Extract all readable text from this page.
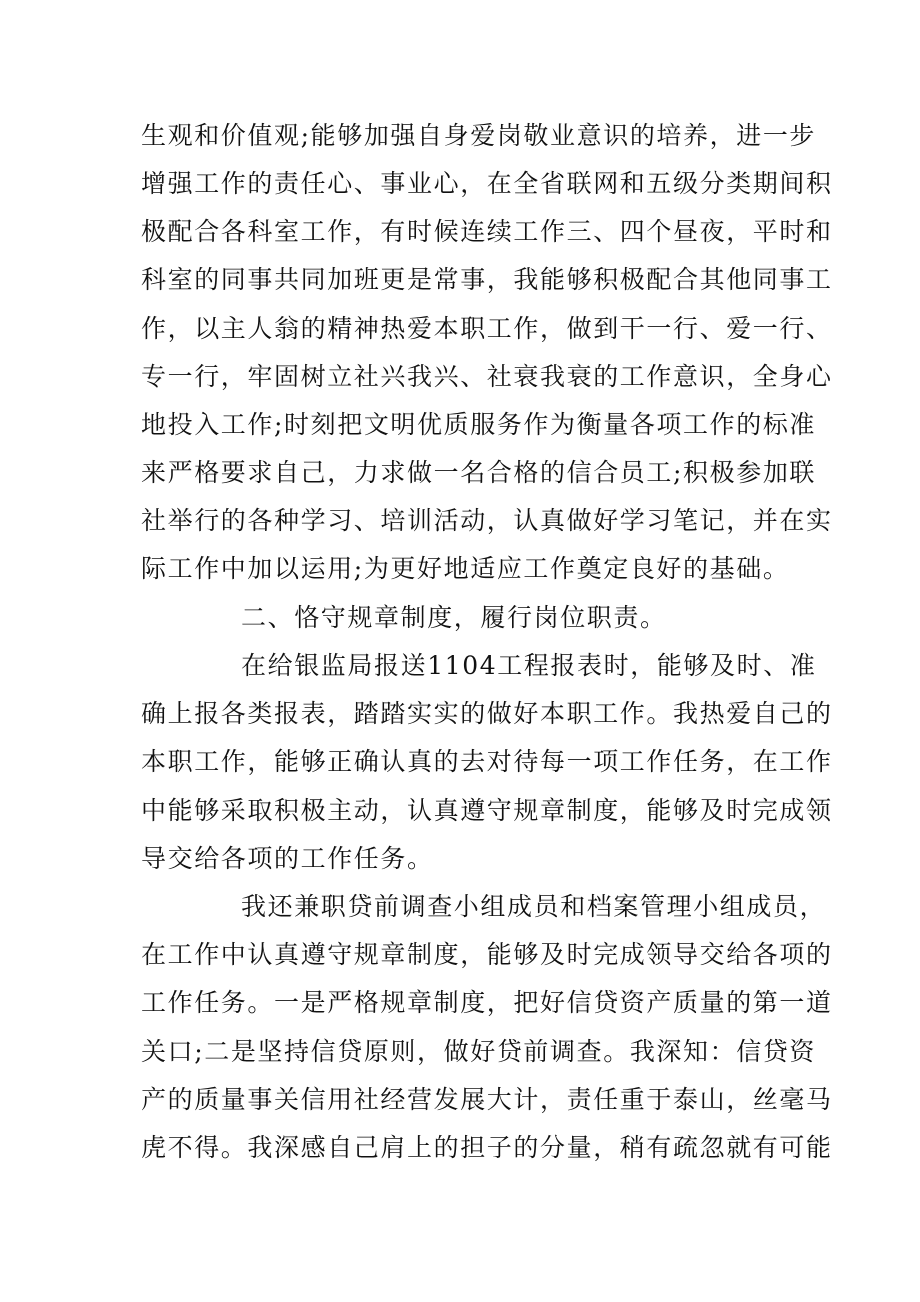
生观和价值观;能够加强自身爱岗敬业意识的培养，进一步
增强工作的责任心、事业心，在全省联网和五级分类期间积
极配合各科室工作，有时候连续工作三、四个昼夜，平时和
科室的同事共同加班更是常事，我能够积极配合其他同事工
作，以主人翁的精神热爱本职工作，做到干一行、爱一行、
专一行，牢固树立社兴我兴、社衰我衰的工作意识，全身心
地投入工作;时刻把文明优质服务作为衡量各项工作的标准
来严格要求自己，力求做一名合格的信合员工;积极参加联
社举行的各种学习、培训活动，认真做好学习笔记，并在实
际工作中加以运用;为更好地适应工作奠定良好的基础。
二、恪守规章制度，履行岗位职责。
在给银监局报送1104工程报表时，能够及时、准
确上报各类报表，踏踏实实的做好本职工作。我热爱自己的
本职工作，能够正确认真的去对待每一项工作任务，在工作
中能够采取积极主动，认真遵守规章制度，能够及时完成领
导交给各项的工作任务。
我还兼职贷前调查小组成员和档案管理小组成员，
在工作中认真遵守规章制度，能够及时完成领导交给各项的
工作任务。一是严格规章制度，把好信贷资产质量的第一道
关口;二是坚持信贷原则，做好贷前调查。我深知：信贷资
产的质量事关信用社经营发展大计，责任重于泰山，丝毫马
虎不得。我深感自己肩上的担子的分量，稍有疏忽就有可能
